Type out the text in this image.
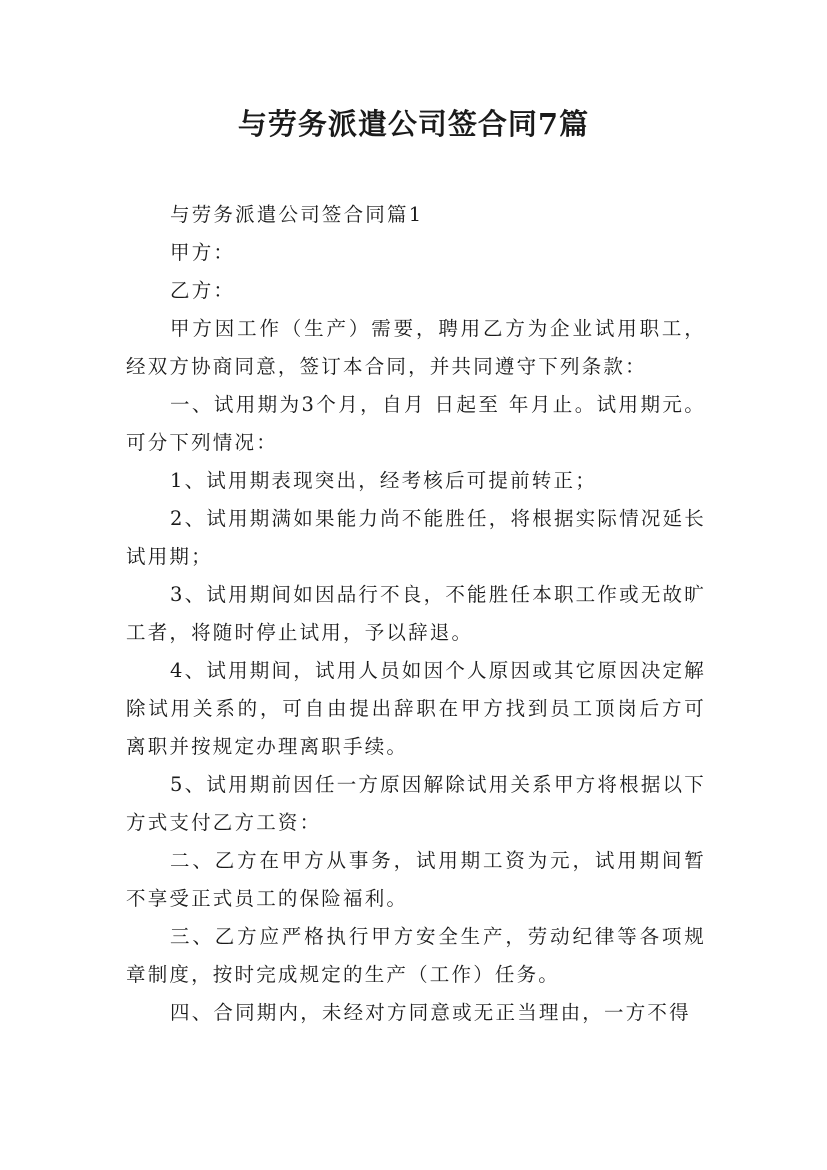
与劳务派遣公司签合同7篇

与劳务派遣公司签合同篇1

甲方：

乙方：

甲方因工作（生产）需要，聘用乙方为企业试用职工，经双方协商同意，签订本合同，并共同遵守下列条款：

一、试用期为3个月，自月 日起至 年月止。试用期元。可分下列情况：

1、试用期表现突出，经考核后可提前转正；

2、试用期满如果能力尚不能胜任，将根据实际情况延长试用期；

3、试用期间如因品行不良，不能胜任本职工作或无故旷工者，将随时停止试用，予以辞退。

4、试用期间，试用人员如因个人原因或其它原因决定解除试用关系的，可自由提出辞职在甲方找到员工顶岗后方可离职并按规定办理离职手续。

5、试用期前因任一方原因解除试用关系甲方将根据以下方式支付乙方工资：

二、乙方在甲方从事务，试用期工资为元，试用期间暂不享受正式员工的保险福利。

三、乙方应严格执行甲方安全生产，劳动纪律等各项规章制度，按时完成规定的生产（工作）任务。

四、合同期内，未经对方同意或无正当理由，一方不得
